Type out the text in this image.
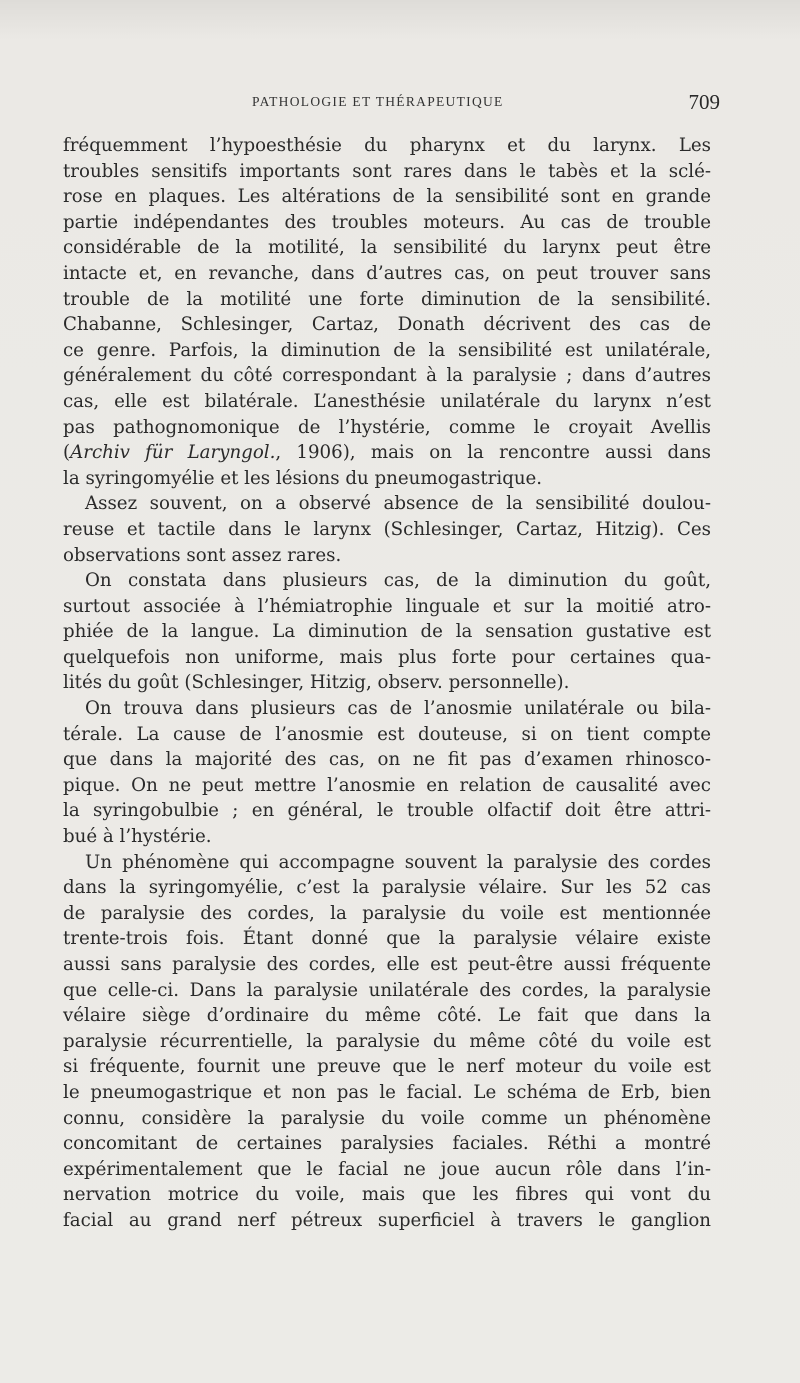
PATHOLOGIE ET THÉRAPEUTIQUE	709
fréquemment l’hypoesthésie du pharynx et du larynx. Les
troubles sensitifs importants sont rares dans le tabès et la sclé-
rose en plaques. Les altérations de la sensibilité sont en grande
partie indépendantes des troubles moteurs. Au cas de trouble
considérable de la motilité, la sensibilité du larynx peut être
intacte et, en revanche, dans d’autres cas, on peut trouver sans
trouble de la motilité une forte diminution de la sensibilité.
Chabanne, Schlesinger, Cartaz, Donath décrivent des cas de
ce genre. Parfois, la diminution de la sensibilité est unilatérale,
généralement du côté correspondant à la paralysie ; dans d’autres
cas, elle est bilatérale. L’anesthésie unilatérale du larynx n’est
pas pathognomonique de l’hystérie, comme le croyait Avellis
(Archiv für Laryngol., 1906), mais on la rencontre aussi dans
la syringomyélie et les lésions du pneumogastrique.
Assez souvent, on a observé absence de la sensibilité doulou-
reuse et tactile dans le larynx (Schlesinger, Cartaz, Hitzig). Ces
observations sont assez rares.
On constata dans plusieurs cas, de la diminution du goût,
surtout associée à l’hémiatrophie linguale et sur la moitié atro-
phiée de la langue. La diminution de la sensation gustative est
quelquefois non uniforme, mais plus forte pour certaines qua-
lités du goût (Schlesinger, Hitzig, observ. personnelle).
On trouva dans plusieurs cas de l’anosmie unilatérale ou bila-
térale. La cause de l’anosmie est douteuse, si on tient compte
que dans la majorité des cas, on ne fit pas d’examen rhinosco-
pique. On ne peut mettre l’anosmie en relation de causalité avec
la syringobulbie ; en général, le trouble olfactif doit être attri-
bué à l’hystérie.
Un phénomène qui accompagne souvent la paralysie des cordes
dans la syringomyélie, c’est la paralysie vélaire. Sur les 52 cas
de paralysie des cordes, la paralysie du voile est mentionnée
trente-trois fois. Étant donné que la paralysie vélaire existe
aussi sans paralysie des cordes, elle est peut-être aussi fréquente
que celle-ci. Dans la paralysie unilatérale des cordes, la paralysie
vélaire siège d’ordinaire du même côté. Le fait que dans la
paralysie récurrentielle, la paralysie du même côté du voile est
si fréquente, fournit une preuve que le nerf moteur du voile est
le pneumogastrique et non pas le facial. Le schéma de Erb, bien
connu, considère la paralysie du voile comme un phénomène
concomitant de certaines paralysies faciales. Réthi a montré
expérimentalement que le facial ne joue aucun rôle dans l’in-
nervation motrice du voile, mais que les fibres qui vont du
facial au grand nerf pétreux superficiel à travers le ganglion
